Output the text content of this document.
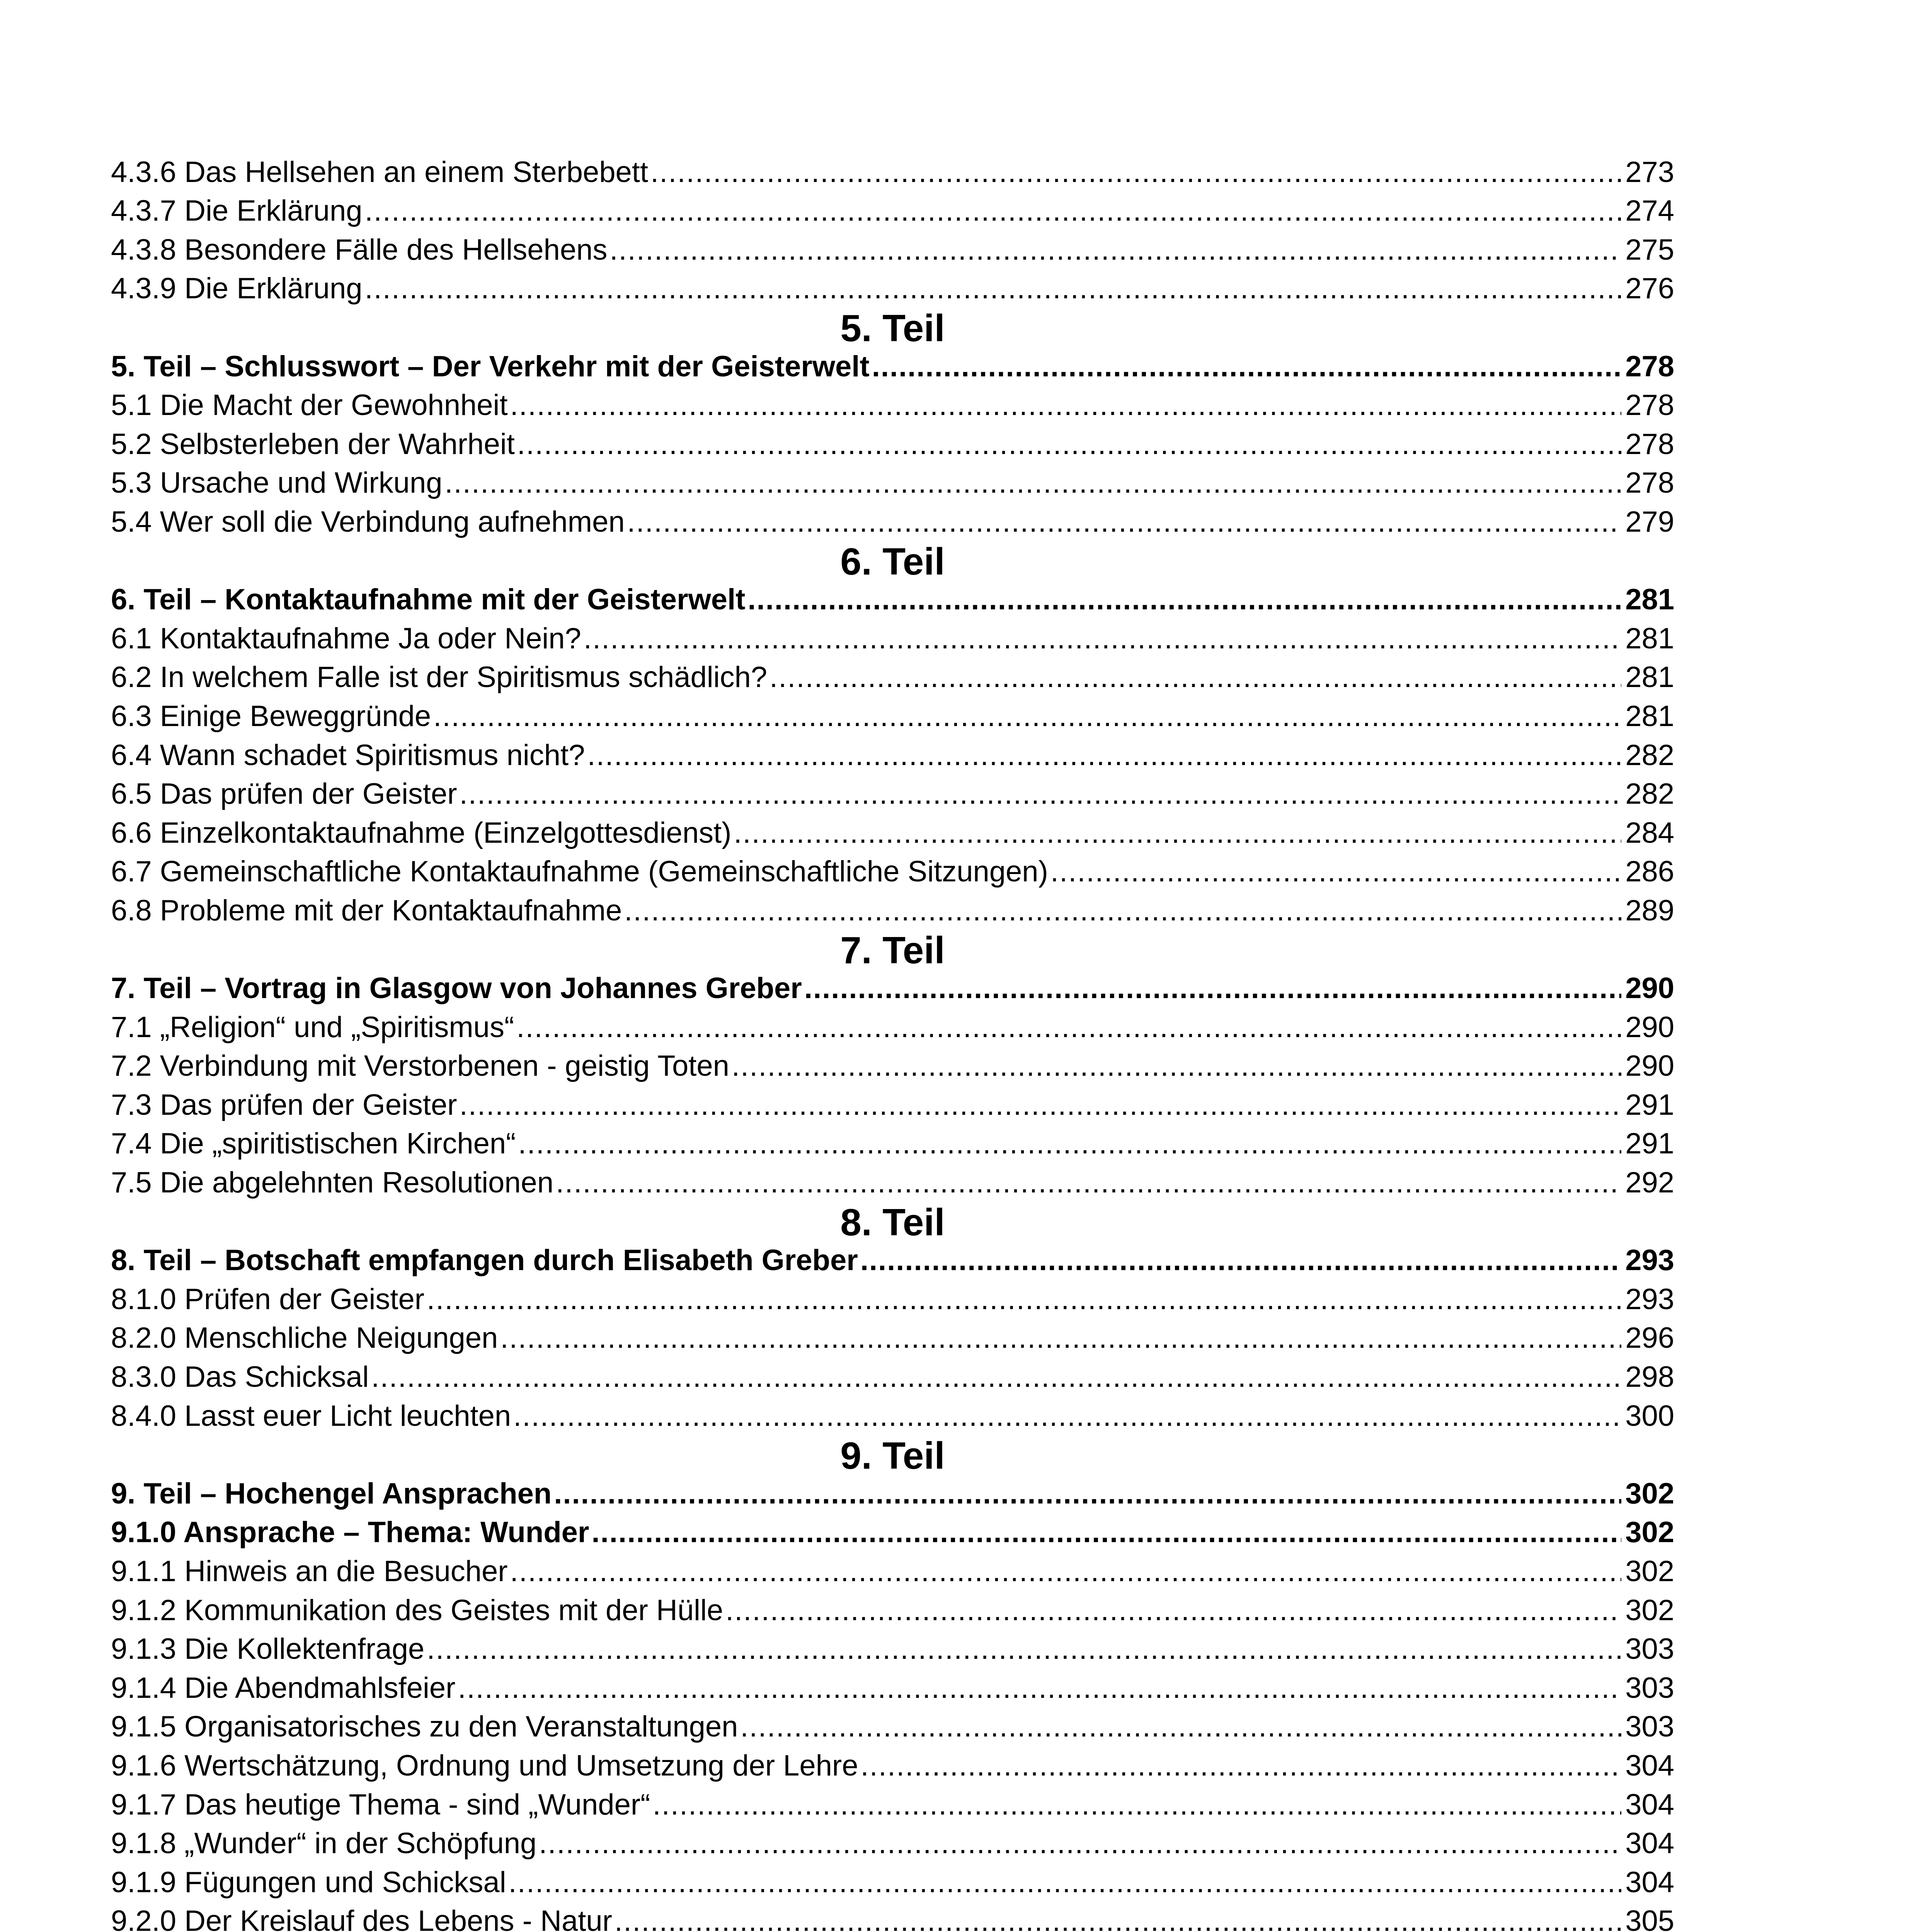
4.3.6 Das Hellsehen an einem Sterbebett .....	273
4.3.7 Die Erklärung .....	274
4.3.8 Besondere Fälle des Hellsehens .....	275
4.3.9 Die Erklärung .....	276
5. Teil
5. Teil – Schlusswort – Der Verkehr mit der Geisterwelt .....	278
5.1 Die Macht der Gewohnheit .....	278
5.2 Selbsterleben der Wahrheit .....	278
5.3 Ursache und Wirkung .....	278
5.4 Wer soll die Verbindung aufnehmen .....	279
6. Teil
6. Teil – Kontaktaufnahme mit der Geisterwelt .....	281
6.1 Kontaktaufnahme Ja oder Nein? .....	281
6.2 In welchem Falle ist der Spiritismus schädlich? .....	281
6.3 Einige Beweggründe .....	281
6.4 Wann schadet Spiritismus nicht? .....	282
6.5 Das prüfen der Geister .....	282
6.6 Einzelkontaktaufnahme (Einzelgottesdienst) .....	284
6.7 Gemeinschaftliche Kontaktaufnahme (Gemeinschaftliche Sitzungen) .....	286
6.8 Probleme mit der Kontaktaufnahme .....	289
7. Teil
7. Teil – Vortrag in Glasgow von Johannes Greber .....	290
7.1 „Religion“ und „Spiritismus“ .....	290
7.2 Verbindung mit Verstorbenen - geistig Toten .....	290
7.3 Das prüfen der Geister .....	291
7.4 Die „spiritistischen Kirchen“ .....	291
7.5 Die abgelehnten Resolutionen .....	292
8. Teil
8. Teil – Botschaft empfangen durch Elisabeth Greber .....	293
8.1.0 Prüfen der Geister .....	293
8.2.0 Menschliche Neigungen .....	296
8.3.0 Das Schicksal .....	298
8.4.0 Lasst euer Licht leuchten .....	300
9. Teil
9. Teil – Hochengel Ansprachen .....	302
9.1.0 Ansprache – Thema: Wunder .....	302
9.1.1 Hinweis an die Besucher .....	302
9.1.2 Kommunikation des Geistes mit der Hülle .....	302
9.1.3 Die Kollektenfrage .....	303
9.1.4 Die Abendmahlsfeier .....	303
9.1.5 Organisatorisches zu den Veranstaltungen .....	303
9.1.6 Wertschätzung, Ordnung und Umsetzung der Lehre .....	304
9.1.7 Das heutige Thema - sind „Wunder“ .....	304
9.1.8 „Wunder“ in der Schöpfung .....	304
9.1.9 Fügungen und Schicksal .....	304
9.2.0 Der Kreislauf des Lebens - Natur .....	305
